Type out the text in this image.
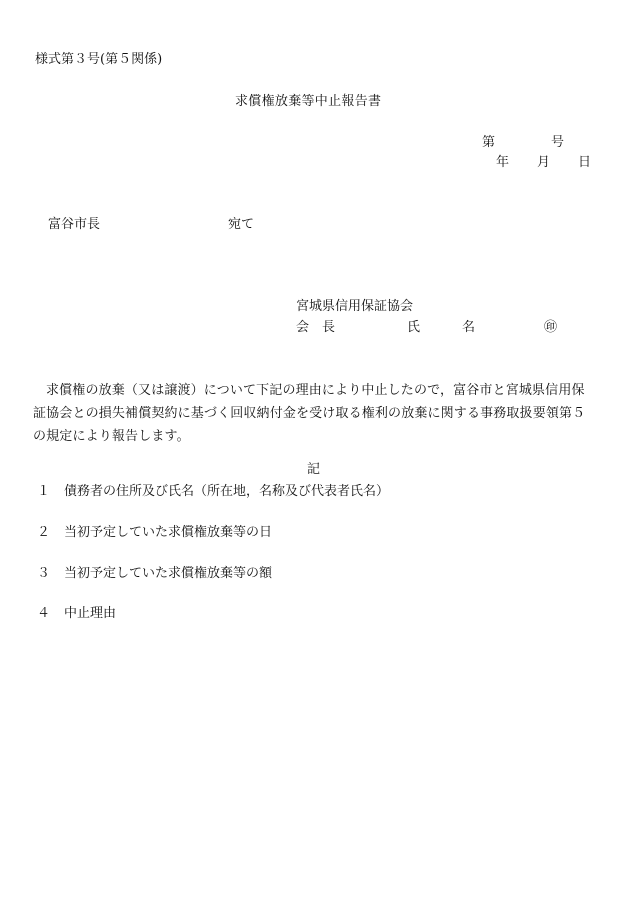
様式第３号(第５関係)
求償権放棄等中止報告書
第	号
年 月 日
富谷市長	宛て
宮城県信用保証協会
会　長	氏	名	㊞
求償権の放棄（又は譲渡）について下記の理由により中止したので，富谷市と宮城県信用保証協会との損失補償契約に基づく回収納付金を受け取る権利の放棄に関する事務取扱要領第５の規定により報告します。
記
１ 債務者の住所及び氏名（所在地，名称及び代表者氏名）
２ 当初予定していた求償権放棄等の日
３ 当初予定していた求償権放棄等の額
４ 中止理由
